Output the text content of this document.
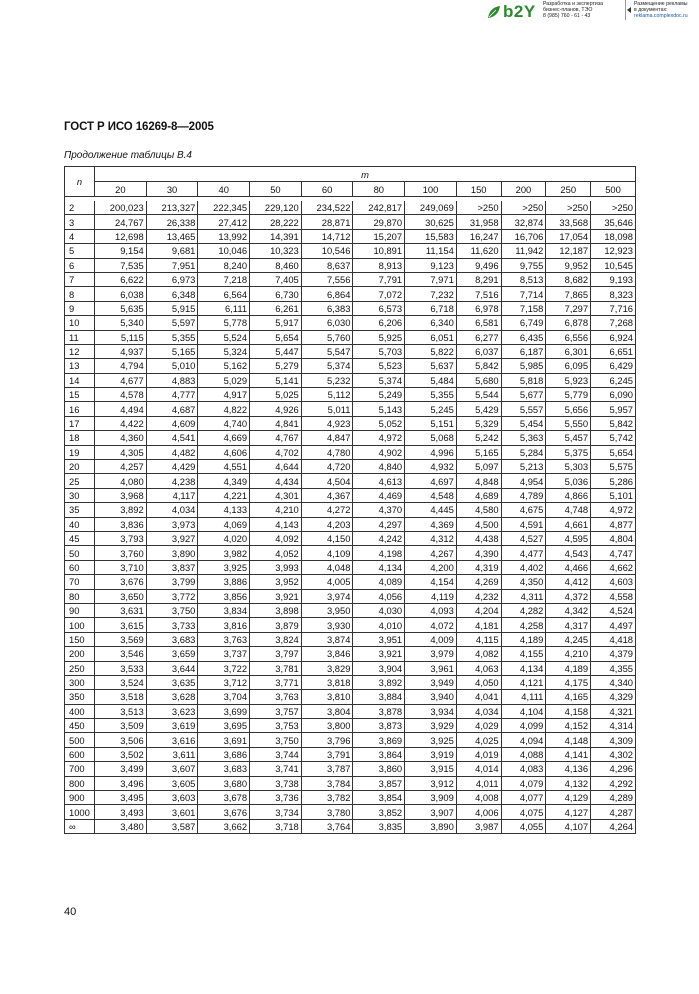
b2Y Разработка и экспертиза
бизнес-планов, ТЭО
8 (985) 760 - 61 - 43
Размещение рекламы
в документах:
reklama.complexdoc.ru
ГОСТ Р ИСО 16269-8—2005
Продолжение таблицы В.4
n	m										
	20	30	40	50	60	80	100	150	200	250	500

2	200,023	213,327	222,345	229,120	234,522	242,817	249,069	>250	>250	>250	>250
3	24,767	26,338	27,412	28,222	28,871	29,870	30,625	31,958	32,874	33,568	35,646
4	12,698	13,465	13,992	14,391	14,712	15,207	15,583	16,247	16,706	17,054	18,098
5	9,154	9,681	10,046	10,323	10,546	10,891	11,154	11,620	11,942	12,187	12,923
6	7,535	7,951	8,240	8,460	8,637	8,913	9,123	9,496	9,755	9,952	10,545
7	6,622	6,973	7,218	7,405	7,556	7,791	7,971	8,291	8,513	8,682	9,193
8	6,038	6,348	6,564	6,730	6,864	7,072	7,232	7,516	7,714	7,865	8,323
9	5,635	5,915	6,111	6,261	6,383	6,573	6,718	6,978	7,158	7,297	7,716
10	5,340	5,597	5,778	5,917	6,030	6,206	6,340	6,581	6,749	6,878	7,268
11	5,115	5,355	5,524	5,654	5,760	5,925	6,051	6,277	6,435	6,556	6,924
12	4,937	5,165	5,324	5,447	5,547	5,703	5,822	6,037	6,187	6,301	6,651
13	4,794	5,010	5,162	5,279	5,374	5,523	5,637	5,842	5,985	6,095	6,429
14	4,677	4,883	5,029	5,141	5,232	5,374	5,484	5,680	5,818	5,923	6,245
15	4,578	4,777	4,917	5,025	5,112	5,249	5,355	5,544	5,677	5,779	6,090
16	4,494	4,687	4,822	4,926	5,011	5,143	5,245	5,429	5,557	5,656	5,957
17	4,422	4,609	4,740	4,841	4,923	5,052	5,151	5,329	5,454	5,550	5,842
18	4,360	4,541	4,669	4,767	4,847	4,972	5,068	5,242	5,363	5,457	5,742
19	4,305	4,482	4,606	4,702	4,780	4,902	4,996	5,165	5,284	5,375	5,654
20	4,257	4,429	4,551	4,644	4,720	4,840	4,932	5,097	5,213	5,303	5,575
25	4,080	4,238	4,349	4,434	4,504	4,613	4,697	4,848	4,954	5,036	5,286
30	3,968	4,117	4,221	4,301	4,367	4,469	4,548	4,689	4,789	4,866	5,101
35	3,892	4,034	4,133	4,210	4,272	4,370	4,445	4,580	4,675	4,748	4,972
40	3,836	3,973	4,069	4,143	4,203	4,297	4,369	4,500	4,591	4,661	4,877
45	3,793	3,927	4,020	4,092	4,150	4,242	4,312	4,438	4,527	4,595	4,804
50	3,760	3,890	3,982	4,052	4,109	4,198	4,267	4,390	4,477	4,543	4,747
60	3,710	3,837	3,925	3,993	4,048	4,134	4,200	4,319	4,402	4,466	4,662
70	3,676	3,799	3,886	3,952	4,005	4,089	4,154	4,269	4,350	4,412	4,603
80	3,650	3,772	3,856	3,921	3,974	4,056	4,119	4,232	4,311	4,372	4,558
90	3,631	3,750	3,834	3,898	3,950	4,030	4,093	4,204	4,282	4,342	4,524
100	3,615	3,733	3,816	3,879	3,930	4,010	4,072	4,181	4,258	4,317	4,497
150	3,569	3,683	3,763	3,824	3,874	3,951	4,009	4,115	4,189	4,245	4,418
200	3,546	3,659	3,737	3,797	3,846	3,921	3,979	4,082	4,155	4,210	4,379
250	3,533	3,644	3,722	3,781	3,829	3,904	3,961	4,063	4,134	4,189	4,355
300	3,524	3,635	3,712	3,771	3,818	3,892	3,949	4,050	4,121	4,175	4,340
350	3,518	3,628	3,704	3,763	3,810	3,884	3,940	4,041	4,111	4,165	4,329
400	3,513	3,623	3,699	3,757	3,804	3,878	3,934	4,034	4,104	4,158	4,321
450	3,509	3,619	3,695	3,753	3,800	3,873	3,929	4,029	4,099	4,152	4,314
500	3,506	3,616	3,691	3,750	3,796	3,869	3,925	4,025	4,094	4,148	4,309
600	3,502	3,611	3,686	3,744	3,791	3,864	3,919	4,019	4,088	4,141	4,302
700	3,499	3,607	3,683	3,741	3,787	3,860	3,915	4,014	4,083	4,136	4,296
800	3,496	3,605	3,680	3,738	3,784	3,857	3,912	4,011	4,079	4,132	4,292
900	3,495	3,603	3,678	3,736	3,782	3,854	3,909	4,008	4,077	4,129	4,289
1000	3,493	3,601	3,676	3,734	3,780	3,852	3,907	4,006	4,075	4,127	4,287
∞	3,480	3,587	3,662	3,718	3,764	3,835	3,890	3,987	4,055	4,107	4,264
40
